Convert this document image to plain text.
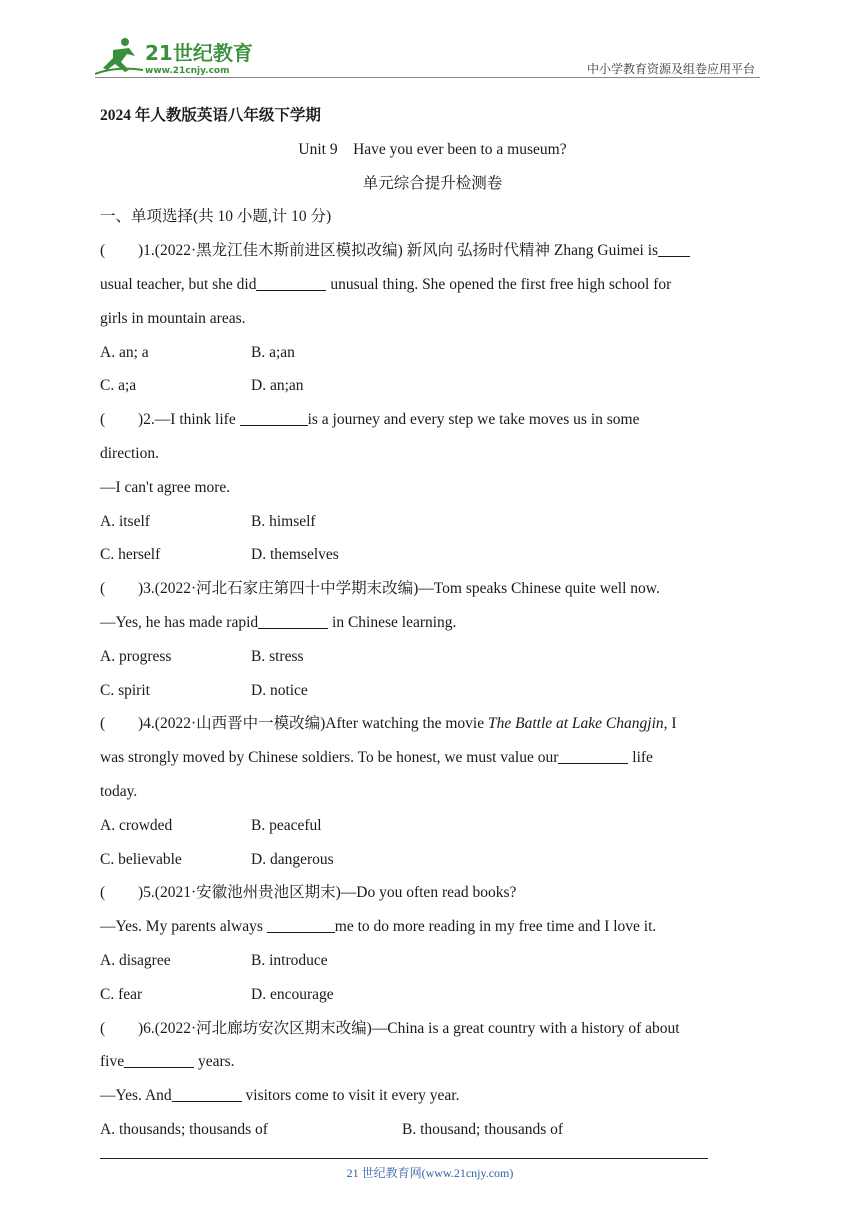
21世纪教育
www.21cnjy.com	中小学教育资源及组卷应用平台
2024 年人教版英语八年级下学期
Unit 9    Have you ever been to a museum?
单元综合提升检测卷
一、单项选择(共 10 小题,计 10 分)
( )1.(2022·黑龙江佳木斯前进区模拟改编) 新风向 弘扬时代精神 Zhang Guimei is
usual teacher, but she did	unusual thing. She opened the first free high school for
girls in mountain areas.
A. an; a	B. a;an
C. a;a	D. an;an
( )2.—I think life	is a journey and every step we take moves us in some
direction.
—I can't agree more.
A. itself	B. himself
C. herself	D. themselves
( )3.(2022·河北石家庄第四十中学期末改编)—Tom speaks Chinese quite well now.
—Yes, he has made rapid	in Chinese learning.
A. progress	B. stress
C. spirit	D. notice
( )4.(2022·山西晋中一模改编)After watching the movie The Battle at Lake Changjin, I
was strongly moved by Chinese soldiers. To be honest, we must value our	life
today.
A. crowded	B. peaceful
C. believable	D. dangerous
( )5.(2021·安徽池州贵池区期末)—Do you often read books?
—Yes. My parents always	me to do more reading in my free time and I love it.
A. disagree	B. introduce
C. fear	D. encourage
( )6.(2022·河北廊坊安次区期末改编)—China is a great country with a history of about
five	years.
—Yes. And	visitors come to visit it every year.
A. thousands; thousands of	B. thousand; thousands of
21 世纪教育网(www.21cnjy.com)
